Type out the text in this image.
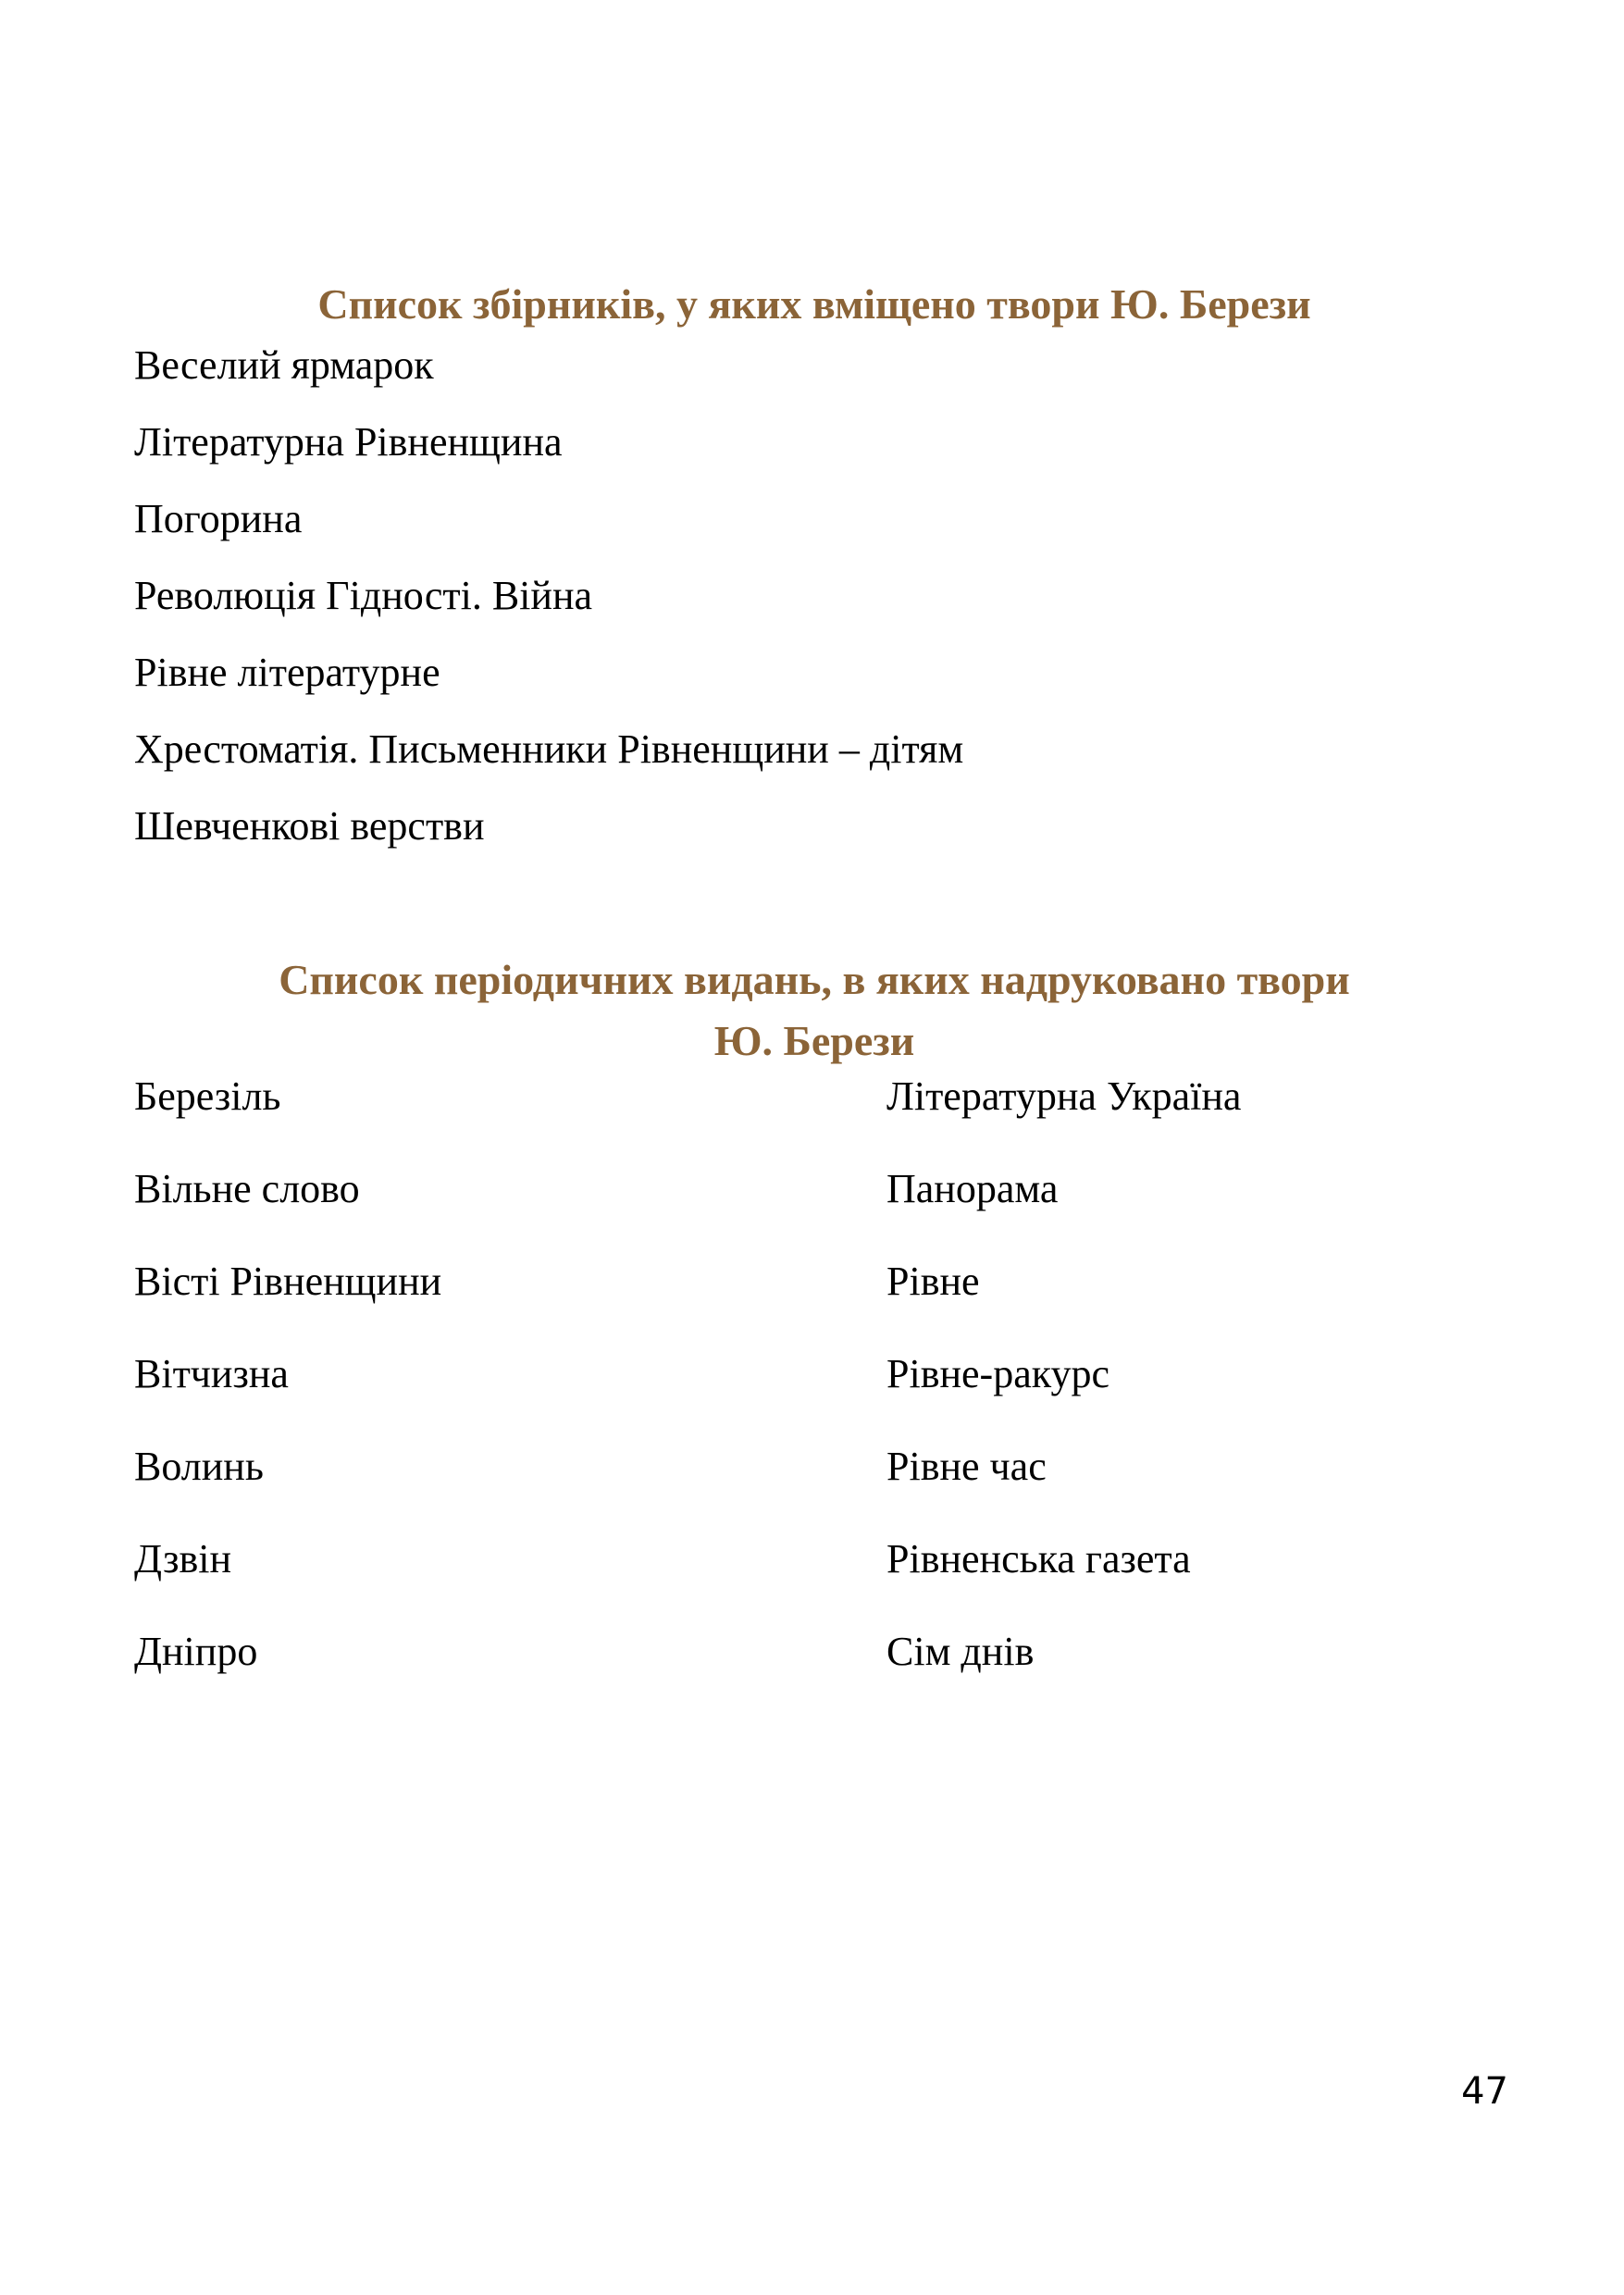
Список збірників, у яких вміщено твори Ю. Берези
Веселий ярмарок
Літературна Рівненщина
Погорина
Революція Гідності. Війна
Рівне літературне
Хрестоматія. Письменники Рівненщини – дітям
Шевченкові верстви
Список періодичних видань, в яких надруковано твори
Ю. Берези
Березіль
Вільне слово
Вісті Рівненщини
Вітчизна
Волинь
Дзвін
Дніпро
Літературна Україна
Панорама
Рівне
Рівне-ракурс
Рівне час
Рівненська газета
Сім днів
47
